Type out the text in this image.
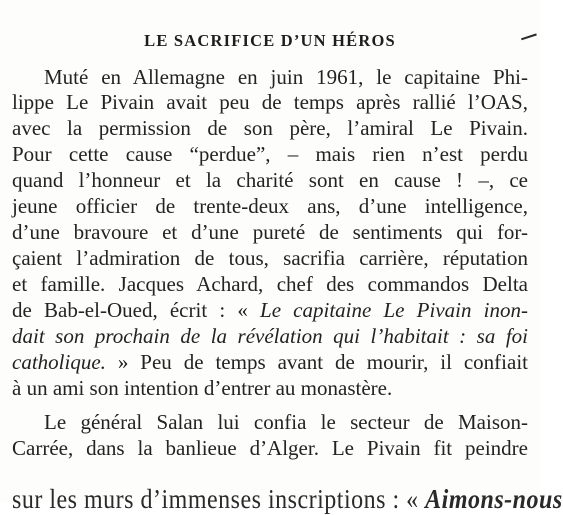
LE SACRIFICE D’UN HÉROS
Muté en Allemagne en juin 1961, le capitaine Phi-
lippe Le Pivain avait peu de temps après rallié l’OAS,
avec la permission de son père, l’amiral Le Pivain.
Pour cette cause “perdue”, – mais rien n’est perdu
quand l’honneur et la charité sont en cause ! –, ce
jeune officier de trente-deux ans, d’une intelligence,
d’une bravoure et d’une pureté de sentiments qui for-
çaient l’admiration de tous, sacrifia carrière, réputation
et famille. Jacques Achard, chef des commandos Delta
de Bab-el-Oued, écrit : « Le capitaine Le Pivain inon-
dait son prochain de la révélation qui l’habitait : sa foi
catholique. » Peu de temps avant de mourir, il confiait
à un ami son intention d’entrer au monastère.
Le général Salan lui confia le secteur de Maison-
Carrée, dans la banlieue d’Alger. Le Pivain fit peindre
sur les murs d’immenses inscriptions : « Aimons-nous
